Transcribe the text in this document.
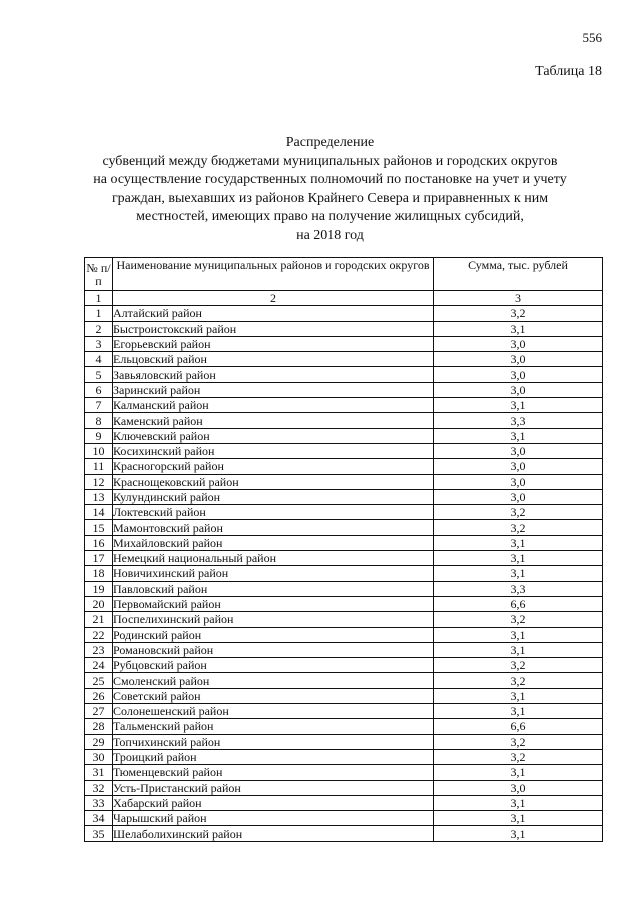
556
Таблица 18
Распределение
субвенций между бюджетами муниципальных районов и городских округов
на осуществление государственных полномочий по постановке на учет и учету
граждан, выехавших из районов Крайнего Севера и приравненных к ним
местностей, имеющих право на получение жилищных субсидий,
на 2018 год
№ п/п	Наименование муниципальных районов и городских округов	Сумма, тыс. рублей
1	2	3
1	Алтайский район	3,2
2	Быстроистокский район	3,1
3	Егорьевский район	3,0
4	Ельцовский район	3,0
5	Завьяловский район	3,0
6	Заринский район	3,0
7	Калманский район	3,1
8	Каменский район	3,3
9	Ключевский район	3,1
10	Косихинский район	3,0
11	Красногорский район	3,0
12	Краснощековский район	3,0
13	Кулундинский район	3,0
14	Локтевский район	3,2
15	Мамонтовский район	3,2
16	Михайловский район	3,1
17	Немецкий национальный район	3,1
18	Новичихинский район	3,1
19	Павловский район	3,3
20	Первомайский район	6,6
21	Поспелихинский район	3,2
22	Родинский район	3,1
23	Романовский район	3,1
24	Рубцовский район	3,2
25	Смоленский район	3,2
26	Советский район	3,1
27	Солонешенский район	3,1
28	Тальменский район	6,6
29	Топчихинский район	3,2
30	Троицкий район	3,2
31	Тюменцевский район	3,1
32	Усть-Пристанский район	3,0
33	Хабарский район	3,1
34	Чарышский район	3,1
35	Шелаболихинский район	3,1
